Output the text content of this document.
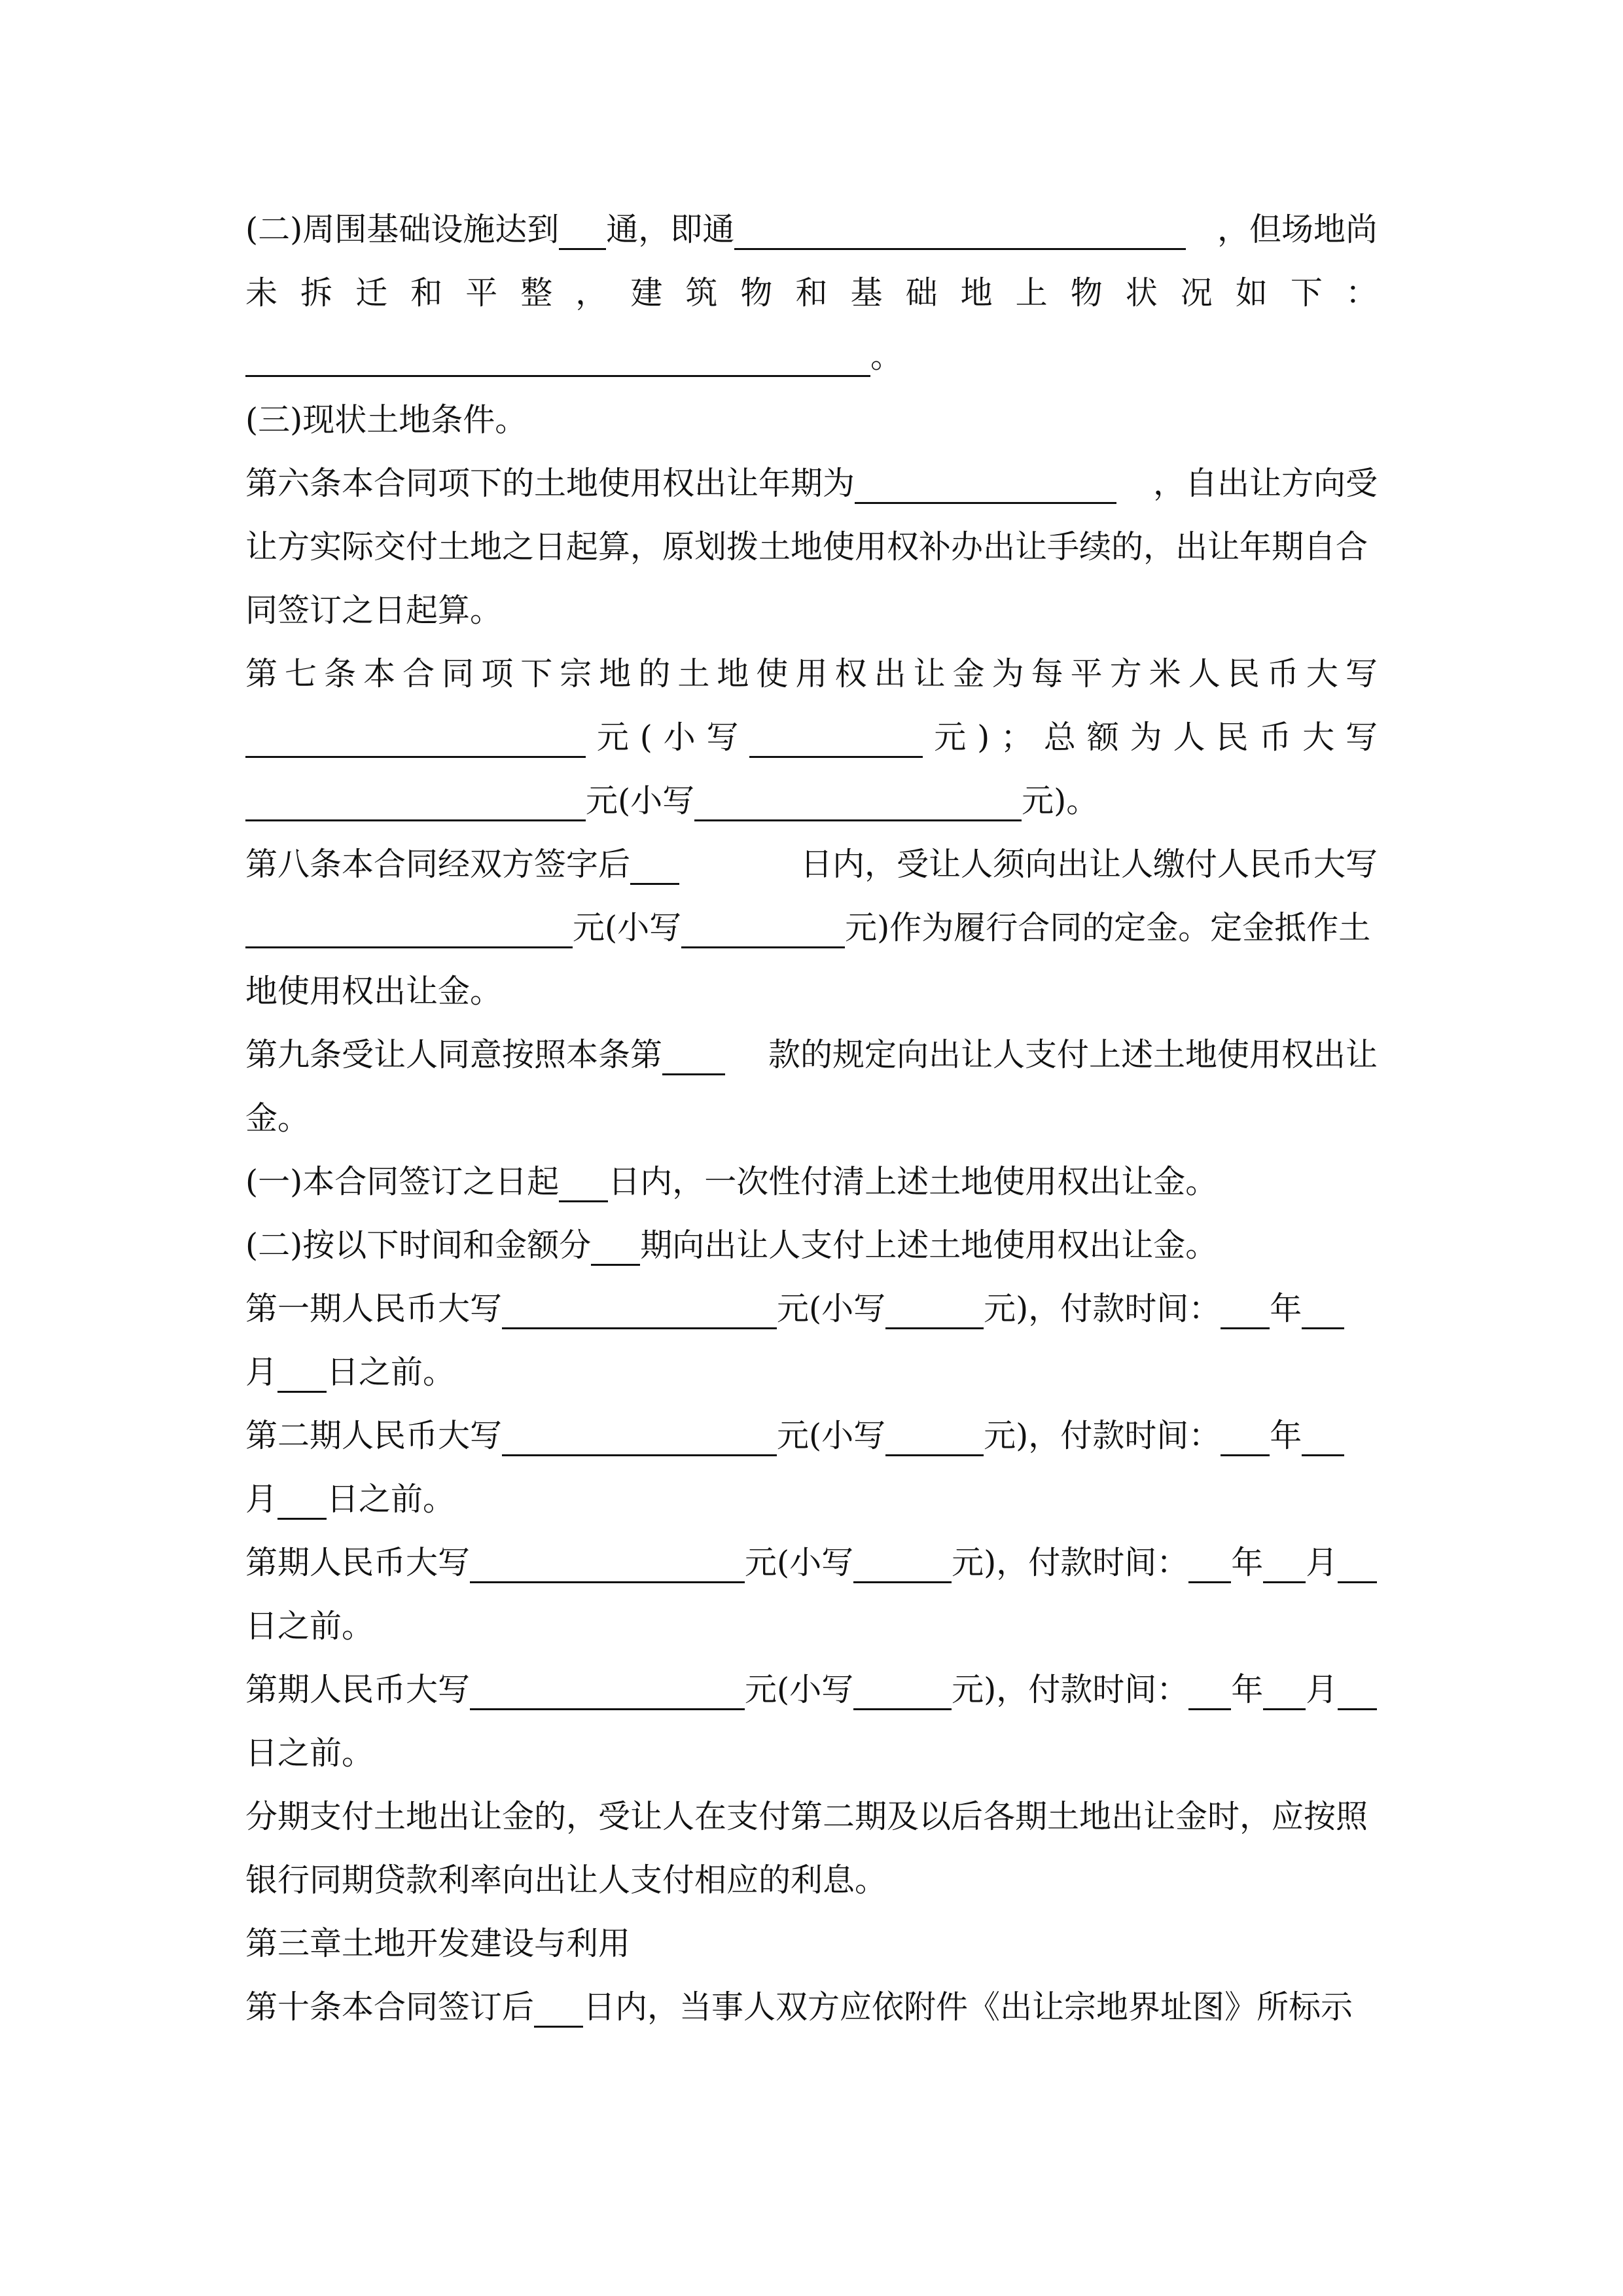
(二)周围基础设施达到 通，即通	，但场地尚
未 拆 迁 和 平 整 ， 建 筑 物 和 基 础 地 上 物 状 况 如 下 ：
。
(三)现状土地条件。
第六条本合同项下的土地使用权出让年期为	，自出让方向受
让方实际交付土地之日起算，原划拨土地使用权补办出让手续的，出让年期自合
同签订之日起算。
第 七 条 本 合 同 项 下 宗 地 的 土 地 使 用 权 出 让 金 为 每 平 方 米 人 民 币 大 写
元 ( 小 写	元 ) ； 总 额 为 人 民 币 大 写
元(小写	元)。
第八条本合同经双方签字后	日内，受让人须向出让人缴付人民币大写
元(小写	元)作为履行合同的定金。定金抵作土
地使用权出让金。
第九条受让人同意按照本条第	款的规定向出让人支付上述土地使用权出让
金。
(一)本合同签订之日起 日内，一次性付清上述土地使用权出让金。
(二)按以下时间和金额分 期向出让人支付上述土地使用权出让金。
第一期人民币大写	元(小写	元)，付款时间： 年
月 日之前。
第二期人民币大写	元(小写	元)，付款时间： 年
月 日之前。
第期人民币大写	元(小写	元)，付款时间： 年 月
日之前。
第期人民币大写	元(小写	元)，付款时间： 年 月
日之前。
分期支付土地出让金的，受让人在支付第二期及以后各期土地出让金时，应按照
银行同期贷款利率向出让人支付相应的利息。
第三章土地开发建设与利用
第十条本合同签订后 日内，当事人双方应依附件《出让宗地界址图》所标示
